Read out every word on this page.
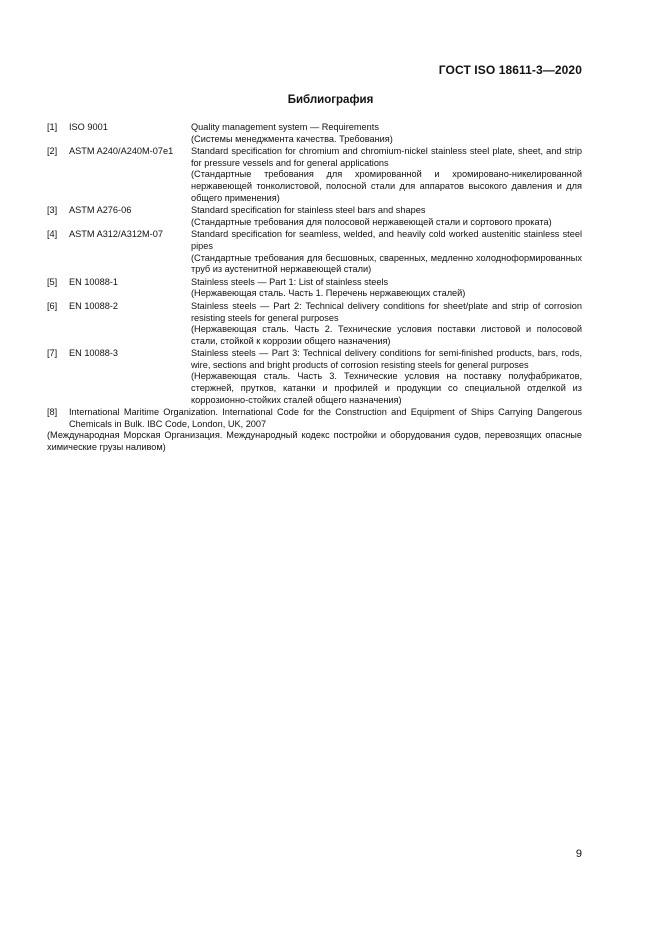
ГОСТ ISO 18611-3—2020
Библиография
[1]	ISO 9001	Quality management system — Requirements
(Системы менеджмента качества. Требования)
[2]	ASTM A240/A240M-07e1	Standard specification for chromium and chromium-nickel stainless steel plate, sheet, and strip for pressure vessels and for general applications
(Стандартные требования для хромированной и хромировано-никелированной нержавеющей тонколистовой, полосной стали для аппаратов высокого давления и для общего применения)
[3]	ASTM A276-06	Standard specification for stainless steel bars and shapes
(Стандартные требования для полосовой нержавеющей стали и сортового проката)
[4]	ASTM A312/A312M-07	Standard specification for seamless, welded, and heavily cold worked austenitic stainless steel pipes
(Стандартные требования для бесшовных, сваренных, медленно холодноформированных труб из аустенитной нержавеющей стали)
[5]	EN 10088-1	Stainless steels — Part 1: List of stainless steels
(Нержавеющая сталь. Часть 1. Перечень нержавеющих сталей)
[6]	EN 10088-2	Stainless steels — Part 2: Technical delivery conditions for sheet/plate and strip of corrosion resisting steels for general purposes
(Нержавеющая сталь. Часть 2. Технические условия поставки листовой и полосовой стали, стойкой к коррозии общего назначения)
[7]	EN 10088-3	Stainless steels — Part 3: Technical delivery conditions for semi-finished products, bars, rods, wire, sections and bright products of corrosion resisting steels for general purposes
(Нержавеющая сталь. Часть 3. Технические условия на поставку полуфабрикатов, стержней, прутков, катанки и профилей и продукции со специальной отделкой из коррозионно-стойких сталей общего назначения)
[8]	International Maritime Organization. International Code for the Construction and Equipment of Ships Carrying Dangerous Chemicals in Bulk. IBC Code, London, UK, 2007
(Международная Морская Организация. Международный кодекс постройки и оборудования судов, перевозящих опасные химические грузы наливом)
9
